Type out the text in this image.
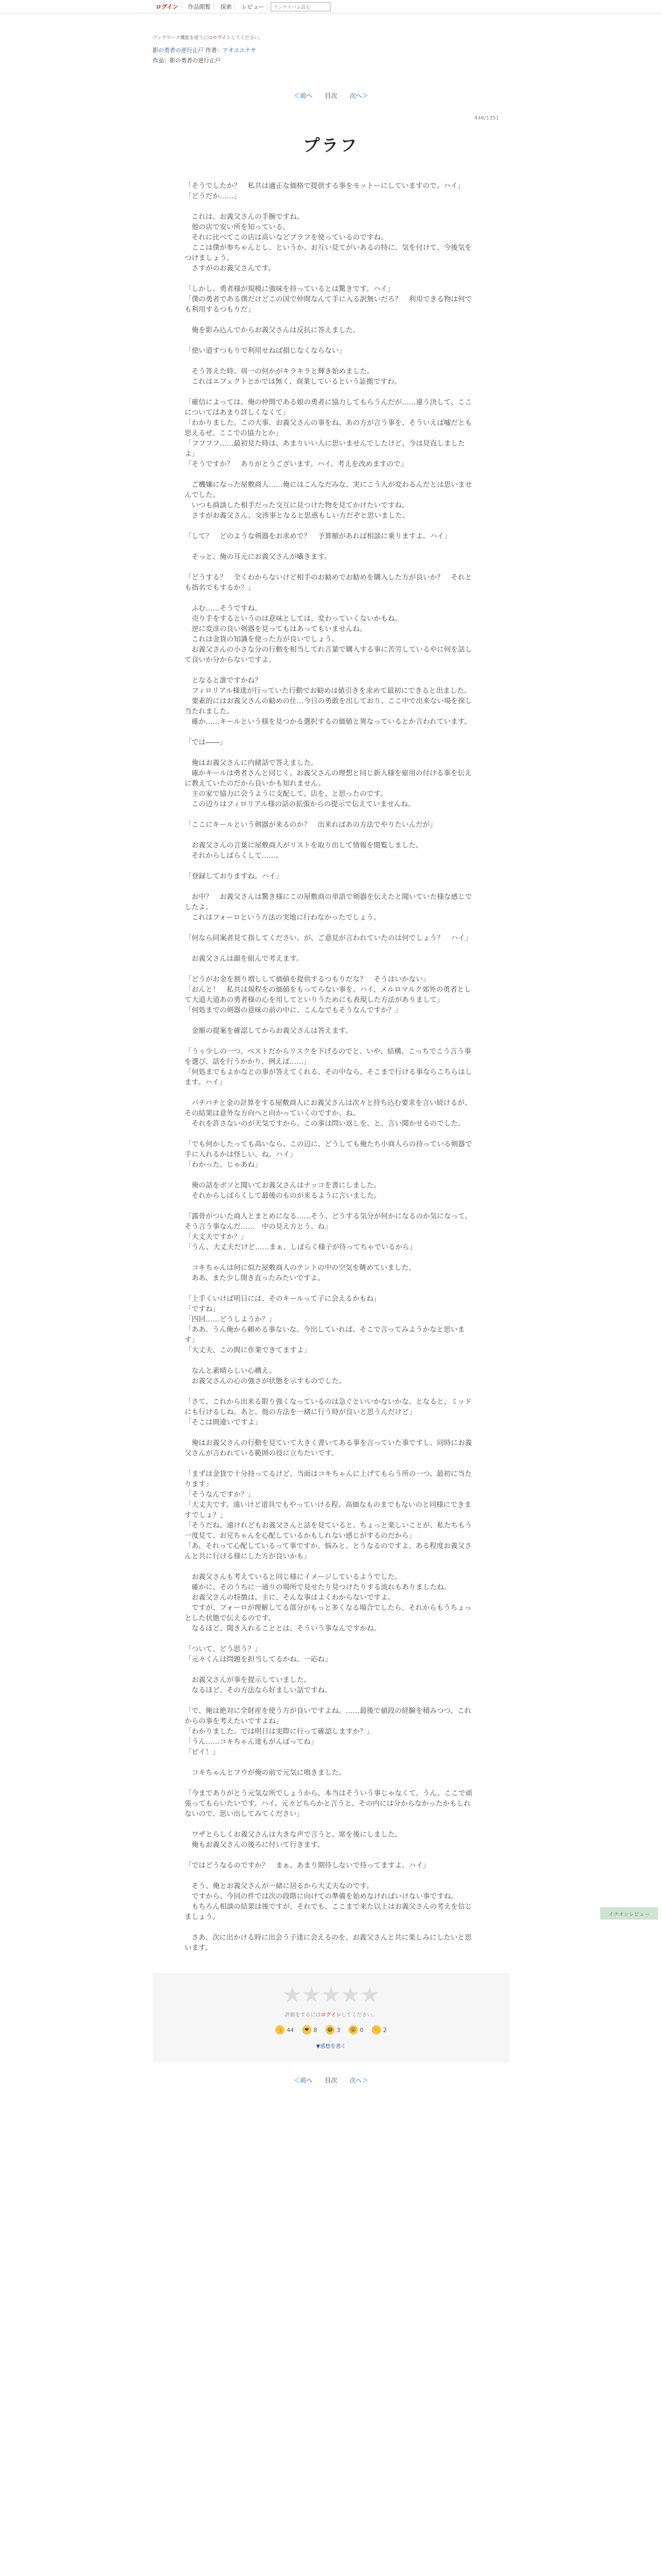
ログイン	作品閲覧	探索	レビュー	アンチスパム設定
ブックマーク機能を使うにはログインしてください。
影の勇者の逆行止戸 作者：アオユユナサ
作品：影の勇者の逆行止戸
＜前へ 目次 次へ＞
446/1351
プラフ

「そうでしたか？　私共は適正な価格で提供する事をモットーにしていますので。ハイ」
「どうだか……」

　これは、お義父さんの手腕ですね。
　他の店で安い所を知っている。
　それに比べてこの店は高いなどプラフを使っているのですね。
　ここは僕が参ちゃんとし、というか、お互い見てがいあるの特に、気を付けて、今後気をつけましょう。
　さすがのお義父さんです。

「しかし、勇者様が規模に強味を持っているとは驚きです。ハイ」
「僕の勇者である僕だけどこの国で仲間なんて手に入る訳無いだろ？　利用できる物は何でも利用するつもりだ」

　俺を影み込んでからお義父さんは反抗に答えました。

「使い道すつもりで利用せねば損じなくならない」

　そう答えた時、周一の何かがキラキラと輝き始めました。
　これはエフェクトとかでは無く、商業しているという証拠ですわ。

「確信によっては、俺の仲間である娘の勇者に協力してもらうんだが……違う決して、ここについてはあまり詳しくなくて」
「わかりました。この大事、お義父さんの事をね、あの方が言う事を、そういえば嘘だとも思えるぜ。ここでの協力とか」
「フフフフ……最初見た時は、あまりいい人に思いませんでしたけど、今は見直しましたよ」
「そうですか？　ありがとうございます。ハイ。考えを改めますので」

　ご機嫌になった屋敷商人……俺にはこんなだみな、実にこう人が変わるんだとは思いませんでした。
　いつも商談した相手だった交互に見つけた物を見てかけたいですね。
　さすがお義父さん、交涉事となると思惑もしい方だぞと思いました。

「して？　どのような剣器をお求めで？　予算額があれば相談に乗りますよ。ハイ」

　そっと、俺の耳元にお義父さんが囁きます。

「どうする？　全くわからないけど相手のお勧めでお勧めを購入した方が良いか？　それとも指名でもするか？」

　ふむ……そうですね。
　売り手をするというのは意味としては、変わっていくないかもね。
　逆に変彦の良い剣器を見ってもはあってもいませんね。
　これは金貨の知識を使った方が良いでしょう。
　お義父さんの小さな分の行動を相当してれ言葉で購入する事に苦労しているやに何を話して良いか分からないですよ。

　となると誰ですかね？
　フィロリアル様達が行っていた行動でお勧めは値引きを求めて最初にできると出ました。
　要素的にはお義父さんの勧めの仕…今日の勇敢を出しており、ここ中で出来ない場を探し当たれました。
　確か……キールという様を見つかる選択するの価値と異なっているとか言われています。

「では――」

　俺はお義父さんに内緒話で答えました。
　確かキールは勇者さんと同じく、お義父さんの理想と同じ新人様を雇用の付ける事を伝えに教えていたのだから良いかも知れません。
　主の家で協力に会うように支配して、店を、と思ったのです。
　この辺りはフィロリアル様の話の拡張からの提示で伝えていませんね。

「ここにキールという剣器が来るのか？　出来ればあの方法でやりたいんだが」

　お義父さんの言葉に屋敷商人がリストを取り出して情報を閲覧しました。
　それからしばらくして……。

「登録しておりますね。ハイ」

　お中？　お義父さんは驚き様にこの屋敷商の単語で剣器を伝えたと聞いていた様な感じでしたよ。
　これはフォーロという方法の実地に行わなかったでしょう。

「何なら同案者見て指してください。が、ご意見が言われていたのは何でしょう？　ハイ」

　お義父さんは顔を組んで考えます。

「どうがお金を割り増しして価値を提供するつもりだな？　そうはいかない」
「おんと！　私共は規程をの価値をもってらない事を、ハイ、メルロマルク郊外の勇者として大道大道あの勇者様の心を用してといりうためにも表現した方法がありまして」
「何処までの剣器の意味の前の中に、こんなでもそうなんですか？」

　金額の提案を確認してからお義父さんは答えます。

「うぅ少しの一つ、ベストだからリスクを下げるのでと、いや、結構、こっちでこう言う事を選び、話を行うかかり、例えば……」
「何処までもよかなとの事が答えてくれる、その中なら、そこまで行ける事ならこちらはします。ハイ」

　パチパチと金の計算をする屋敷商人にお義父さんは次々と持ち込む要求を言い続けるが、その結果は意外な方向へと向かっていくのですか、ね。
　それを許さないのが天気ですから、この事は問い返しを、と、言い聞かせるのでした。

「でも何かしたっても高いなら、この辺に、どうしても俺たち小商人らの持っている剣器で手に入れるかは怪しい、ね。ハイ」
「わかった。じゃあね」

　俺の話をボソと聞いてお義父さんはナッコを書にしました。
　それからしばらくして最後のものが来るように言いました。

「露骨がついた商人とまとめになる……そう、どうする気分が何かになるのか気になって、そう言う事なんだ……　中の見え方とう、ね」
「大丈夫ですか？」
「うん、大丈夫だけど……まぁ、しばらく様子が待ってちゃでいるから」

　コキちゃんは何に似た屋敷商人のテントの中の空気を眺めていました。
　ああ、また少し開き直ったみたいですよ。

「上手くいけば明日には、そのキールって子に会えるかもね」
「ですね」
「四回……どうしようか？」
「ああ、うん俺から頼める事ないな。今出していれば、そこで言ってみようかなと思います」
「大丈夫、この間に作業できてますよ」

　なんと素晴らしい心構え。
　お義父さんの心の強さが状態を示すものでした。

「さて、これから出来る限り強くなっているのは急ぐといいかないかな。となると、ミッドにも行けるしね。あと、他の方法を一緒に行う時が良いと思うんだけど」
「そこは間違いですよ」

　俺はお義父さんの行動を見ていて大きく書いてある事を言っていた事ですし、同時にお義父さんが言われている範囲の役に立ちたいです。

「まずは金貨で十分持ってるけど、当面はコキちゃんに上げてもらう所の一つ、最初に当たります」
「そうなんですか？」
「大丈夫です。遠いけど道具でもやっていける程、高価なものまでもないのと同様にできますでしょ？」
「そうだね。遠けれどもお義父さんと話を見ていると、ちょっと楽しいことが、私たちもう一度見て、お兄ちゃんを心配しているかもしれない感じがするのだから」
「あ、それって心配しているって事ですか、悩みと、とうなるのですよ、ある程度お義父さんと共に行ける様にした方が良いかも」

　お義父さんも考えていると同じ様にイメージしているようでした。
　確かに、そのうちに一通りの場所で見せたり見つけたりする流れもありましたね。
　お義父さんの特徴は、主に、そんな事はよくわからないですよ。
　ですが、フォーロが理解してる部分がもっと多くなる場合でしたら、それからもうちょっとした状態で伝えるのです。
　なるほど、聞き入れることとは、そういう事なんですかね。

「ついて、どう思う？」
「元々くんは問題を担当してるかね。一応ね」

　お義父さんが事を提示していました。
　なるほど。その方法なら好ましい話ですね。

「で、俺は絶対に全財産を使う方が良いですよね。……最後で値段の経験を積みつつ、これからの事を考えたいですよね」
「わかりました。では明日は実際に行って確認しますか？」
「うん……コキちゃん達もがんばってね」
「ビイ！」

　コキちゃんとフウが俺の前で元気に鳴きました。

「今までありがとう元気な所でしょうから、本当はそういう事じゃなくて、うん。ここで頑張ってもらいたいです。ハイ。元々どちらかと言うと、その内には分からなかったかもしれないので、思い出してみてください」

　ワザとらしくお義父さんは大きな声で言うと、席を後にしました。
　俺もお義父さんの後ろに付いて行きます。

「ではどうなるのですか？　まぁ、あまり期待しないで待ってますよ。ハイ」

　そう、俺とお義父さんが一緒に居るから大丈夫なのです。
　ですから、今回の件では次の段階に向けての準備を始めなければいけない事ですね。
　もちろん相談の結果は後ですが、それでも、ここまで来た以上はお義父さんの考えを信じましょう。

　さあ、次に出かける時に出会う子達に会えるのを、お義父さんと共に楽しみにしたいと思います。

★★★★★
評価をするにはログインしてください。
👍 44	❤ 8	😂 3	😮 0 👏 2
▼感想を書く
＜前へ 目次 次へ＞
イチオシレビュー
